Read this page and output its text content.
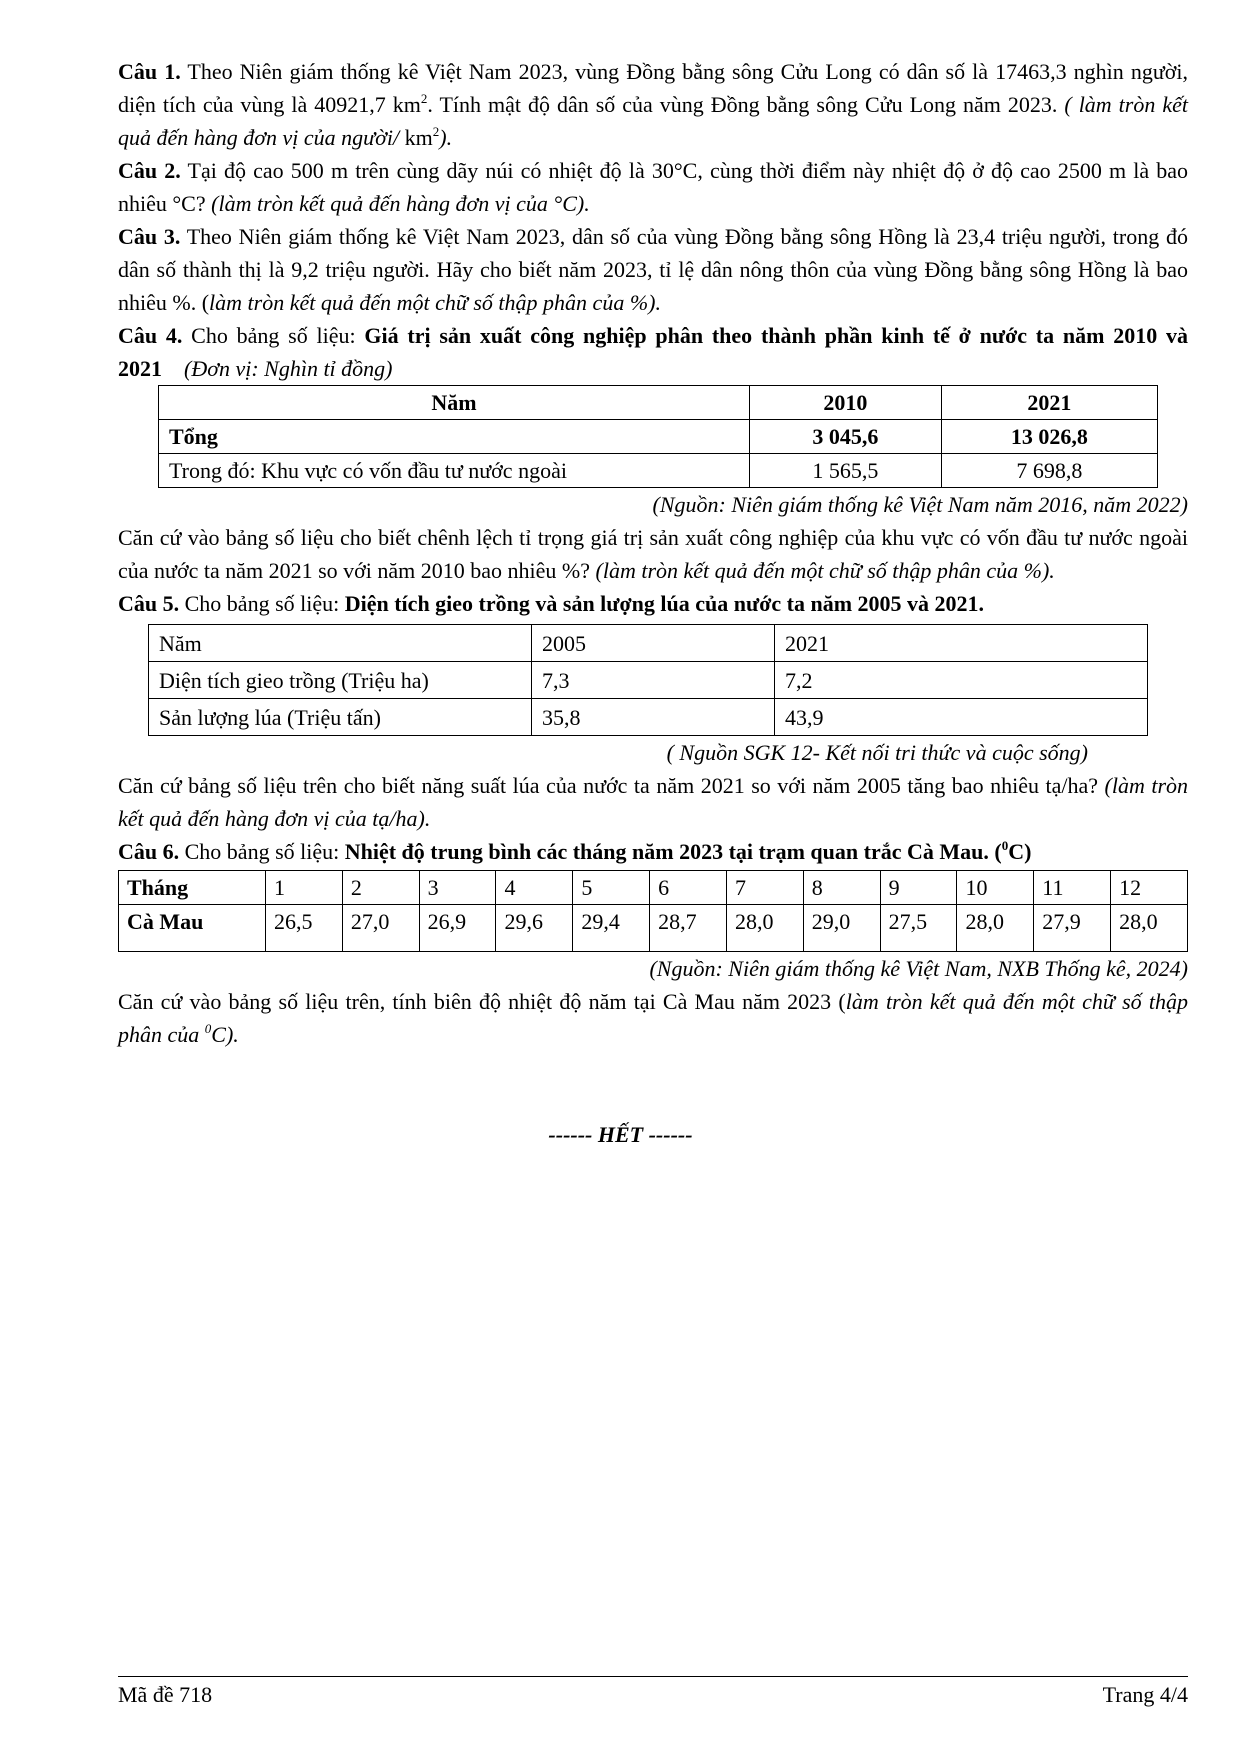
Câu 1. Theo Niên giám thống kê Việt Nam 2023, vùng Đồng bằng sông Cửu Long có dân số là 17463,3 nghìn người, diện tích của vùng là 40921,7 $km^2$. Tính mật độ dân số của vùng Đồng bằng sông Cửu Long năm 2023. ( làm tròn kết quả đến hàng đơn vị của người/ $km^2$).

Câu 2. Tại độ cao 500 m trên cùng dãy núi có nhiệt độ là 30°C, cùng thời điểm này nhiệt độ ở độ cao 2500 m là bao nhiêu °C? (làm tròn kết quả đến hàng đơn vị của °C).

Câu 3. Theo Niên giám thống kê Việt Nam 2023, dân số của vùng Đồng bằng sông Hồng là 23,4 triệu người, trong đó dân số thành thị là 9,2 triệu người. Hãy cho biết năm 2023, tỉ lệ dân nông thôn của vùng Đồng bằng sông Hồng là bao nhiêu %. (làm tròn kết quả đến một chữ số thập phân của %).

Câu 4. Cho bảng số liệu: Giá trị sản xuất công nghiệp phân theo thành phần kinh tế ở nước ta năm 2010 và 2021 (Đơn vị: Nghìn tỉ đồng)

Năm	2010	2021
Tổng	3 045,6	13 026,8
Trong đó: Khu vực có vốn đầu tư nước ngoài	1 565,5	7 698,8

(Nguồn: Niên giám thống kê Việt Nam năm 2016, năm 2022)

Căn cứ vào bảng số liệu cho biết chênh lệch tỉ trọng giá trị sản xuất công nghiệp của khu vực có vốn đầu tư nước ngoài của nước ta năm 2021 so với năm 2010 bao nhiêu %? (làm tròn kết quả đến một chữ số thập phân của %).

Câu 5. Cho bảng số liệu: Diện tích gieo trồng và sản lượng lúa của nước ta năm 2005 và 2021.

Năm	2005	2021
Diện tích gieo trồng (Triệu ha)	7,3	7,2
Sản lượng lúa (Triệu tấn)	35,8	43,9

( Nguồn SGK 12- Kết nối tri thức và cuộc sống)

Căn cứ bảng số liệu trên cho biết năng suất lúa của nước ta năm 2021 so với năm 2005 tăng bao nhiêu tạ/ha? (làm tròn kết quả đến hàng đơn vị của tạ/ha).

Câu 6. Cho bảng số liệu: Nhiệt độ trung bình các tháng năm 2023 tại trạm quan trắc Cà Mau. ($^0$C)

Tháng	1	2	3	4	5	6	7	8	9	10	11	12
Cà Mau	26,5	27,0	26,9	29,6	29,4	28,7	28,0	29,0	27,5	28,0	27,9	28,0

(Nguồn: Niên giám thống kê Việt Nam, NXB Thống kê, 2024)

Căn cứ vào bảng số liệu trên, tính biên độ nhiệt độ năm tại Cà Mau năm 2023 (làm tròn kết quả đến một chữ số thập phân của $^0$C).

------ HẾT ------
Mã đề 718	Trang 4/4
